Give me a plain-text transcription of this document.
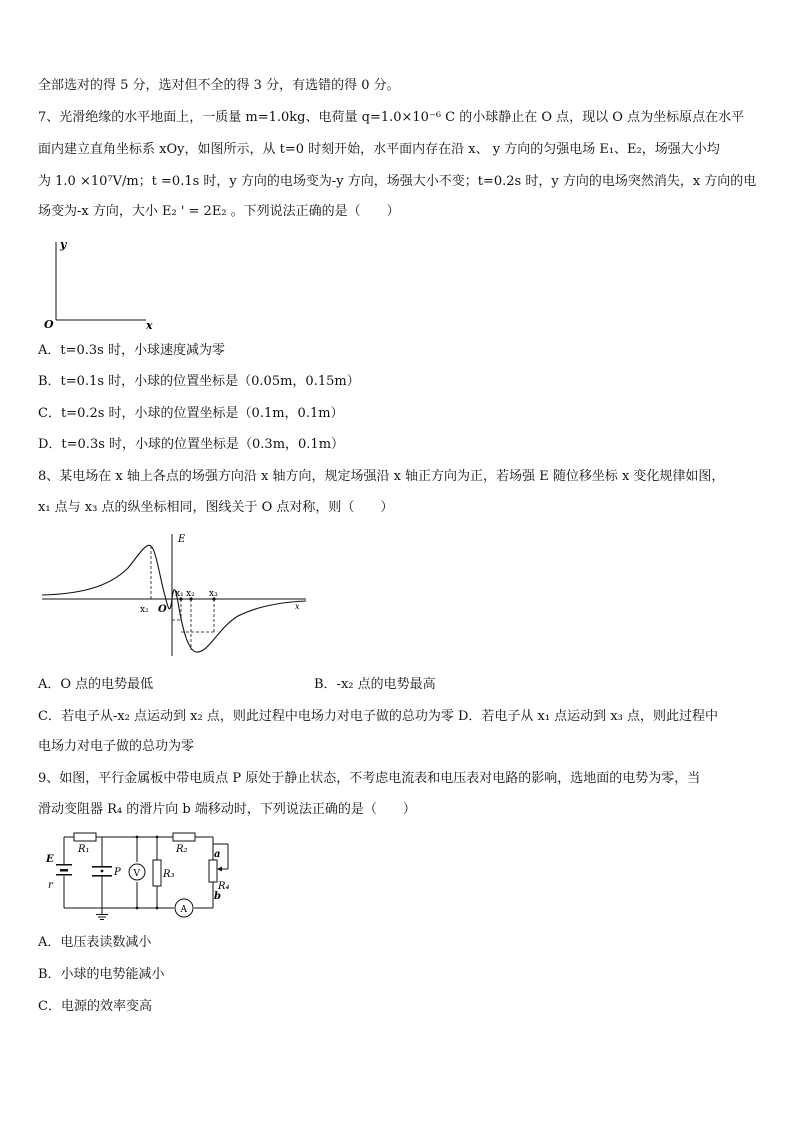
全部选对的得 5 分，选对但不全的得 3 分，有选错的得 0 分。
7、光滑绝缘的水平地面上，一质量 m=1.0kg、电荷量 q=1.0×10⁻⁶ C 的小球静止在 O 点，现以 O 点为坐标原点在水平
面内建立直角坐标系 xOy，如图所示，从 t=0 时刻开始，水平面内存在沿 x、 y 方向的匀强电场 E₁、E₂，场强大小均
为 1.0 ×10⁷V/m；t =0.1s 时，y 方向的电场变为-y 方向，场强大小不变；t=0.2s 时，y 方向的电场突然消失，x 方向的电
场变为-x 方向，大小 E₂ ' = 2E₂ 。下列说法正确的是（　　）
y
x
O
A．t=0.3s 时，小球速度减为零
B．t=0.1s 时，小球的位置坐标是（0.05m，0.15m）
C．t=0.2s 时，小球的位置坐标是（0.1m，0.1m）
D．t=0.3s 时，小球的位置坐标是（0.3m，0.1m）
8、某电场在 x 轴上各点的场强方向沿 x 轴方向，规定场强沿 x 轴正方向为正，若场强 E 随位移坐标 x 变化规律如图，
x₁ 点与 x₃ 点的纵坐标相同，图线关于 O 点对称，则（　　）
E
O
x₂
x₁ x₂ x₃
x
A．O 点的电势最低	B．-x₂ 点的电势最高
C．若电子从-x₂ 点运动到 x₂ 点，则此过程中电场力对电子做的总功为零 D．若电子从 x₁ 点运动到 x₃ 点，则此过程中
电场力对电子做的总功为零
9、如图，平行金属板中带电质点 P 原处于静止状态，不考虑电流表和电压表对电路的影响，选地面的电势为零，当
滑动变阻器 R₄ 的滑片向 b 端移动时，下列说法正确的是（　　）
R₁	R₂
R₃
R₄
E
r
P V
A
a
b
A．电压表读数减小
B．小球的电势能减小
C．电源的效率变高
